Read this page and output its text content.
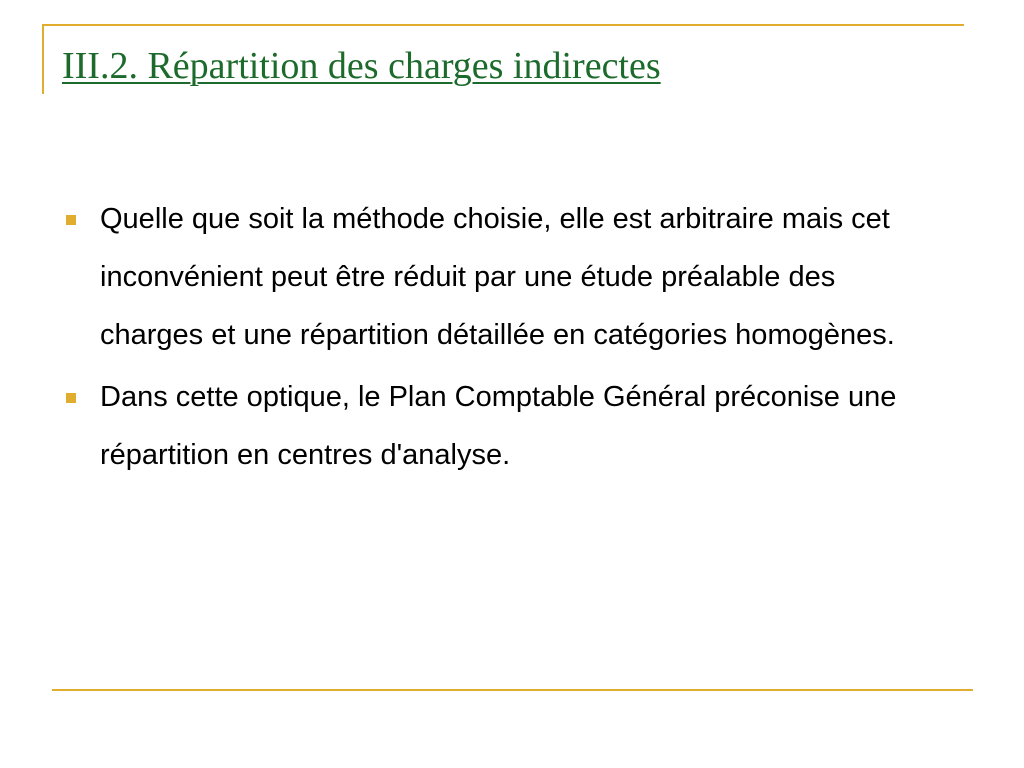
III.2. Répartition des charges indirectes
Quelle que soit la méthode choisie, elle est arbitraire mais cet inconvénient peut être réduit par une étude préalable des charges et une répartition détaillée en catégories homogènes.
Dans cette optique, le Plan Comptable Général préconise une répartition en centres d'analyse.
